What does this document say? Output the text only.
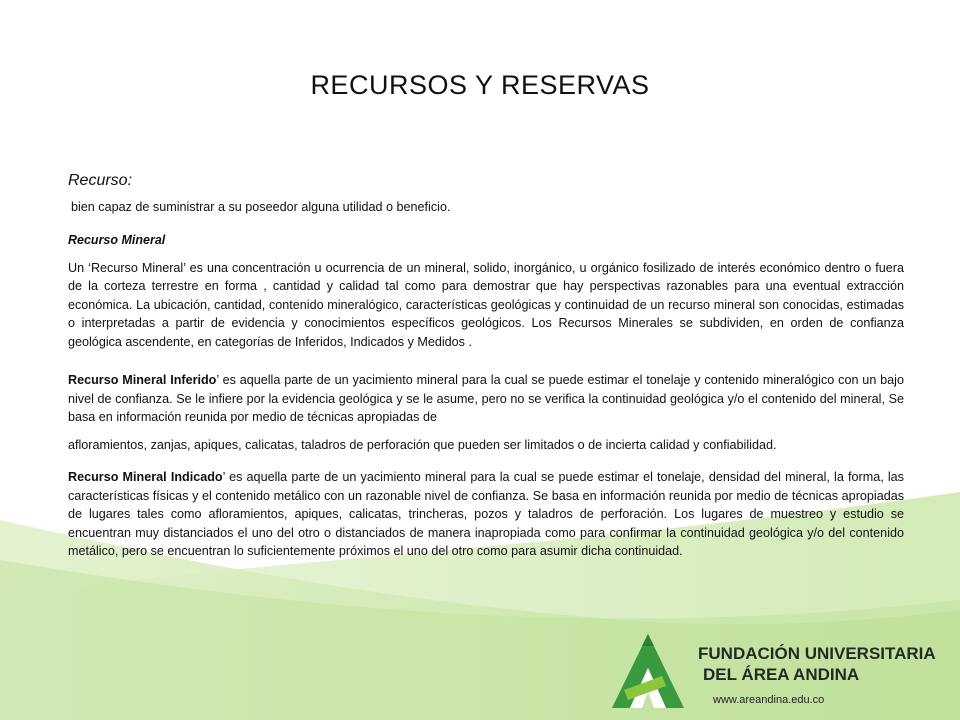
RECURSOS Y RESERVAS
Recurso:

bien capaz de suministrar a su poseedor alguna utilidad o beneficio.

Recurso Mineral

Un ‘Recurso Mineral’ es una concentración u ocurrencia de un mineral, solido, inorgánico, u orgánico fosilizado de interés económico dentro o fuera de la corteza terrestre en forma , cantidad y calidad tal como para demostrar que hay perspectivas razonables para una eventual extracción económica. La ubicación, cantidad, contenido mineralógico, características geológicas y continuidad de un recurso mineral son conocidas, estimadas o interpretadas a partir de evidencia y conocimientos específicos geológicos. Los Recursos Minerales se subdividen, en orden de confianza geológica ascendente, en categorías de Inferidos, Indicados y Medidos .

Recurso Mineral Inferido’ es aquella parte de un yacimiento mineral para la cual se puede estimar el tonelaje y contenido mineralógico con un bajo nivel de confianza. Se le infiere por la evidencia geológica y se le asume, pero no se verifica la continuidad geológica y/o el contenido del mineral, Se basa en información reunida por medio de técnicas apropiadas de

afloramientos, zanjas, apiques, calicatas, taladros de perforación que pueden ser limitados o de incierta calidad y confiabilidad.

Recurso Mineral Indicado’ es aquella parte de un yacimiento mineral para la cual se puede estimar el tonelaje, densidad del mineral, la forma, las características físicas y el contenido metálico con un razonable nivel de confianza. Se basa en información reunida por medio de técnicas apropiadas de lugares tales como afloramientos, apiques, calicatas, trincheras, pozos y taladros de perforación. Los lugares de muestreo y estudio se encuentran muy distanciados el uno del otro o distanciados de manera inapropiada como para confirmar la continuidad geológica y/o del contenido metálico, pero se encuentran lo suficientemente próximos el uno del otro como para asumir dicha continuidad.

FUNDACIÓN UNIVERSITARIA
DEL ÁREA ANDINA
www.areandina.edu.co
